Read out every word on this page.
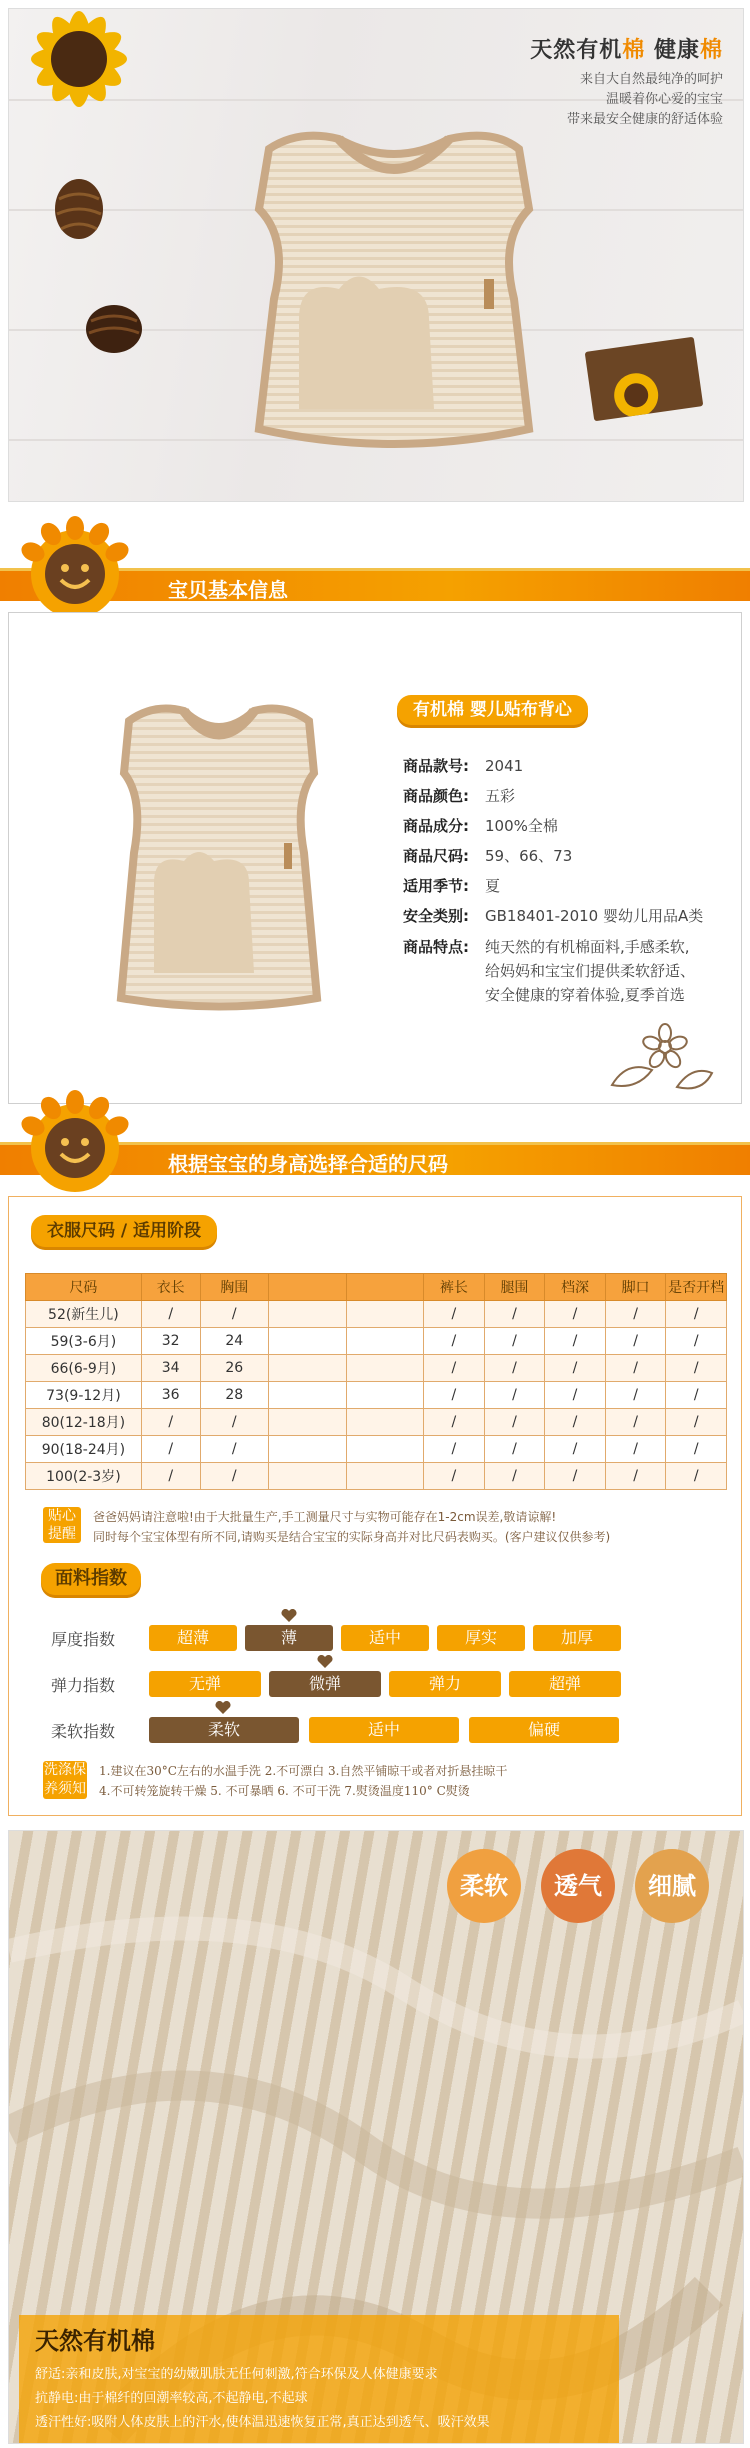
天然有机棉 健康棉
来自大自然最纯净的呵护
温暖着你心爱的宝宝
带来最安全健康的舒适体验
宝贝基本信息
有机棉 婴儿贴布背心
商品款号: 2041
商品颜色: 五彩
商品成分: 100%全棉
商品尺码: 59、66、73
适用季节: 夏
安全类别: GB18401-2010 婴幼儿用品A类
商品特点: 纯天然的有机棉面料,手感柔软,
给妈妈和宝宝们提供柔软舒适、
安全健康的穿着体验,夏季首选
根据宝宝的身高选择合适的尺码
衣服尺码 / 适用阶段
尺码	衣长	胸围			裤长	腿围	档深	脚口	是否开档
52(新生儿)	/	/			/	/	/	/	/
59(3-6月)	32	24			/	/	/	/	/
66(6-9月)	34	26			/	/	/	/	/
73(9-12月)	36	28			/	/	/	/	/
80(12-18月)	/	/			/	/	/	/	/
90(18-24月)	/	/			/	/	/	/	/
100(2-3岁)	/	/			/	/	/	/	/
贴心提醒
爸爸妈妈请注意啦!由于大批量生产,手工测量尺寸与实物可能存在1-2cm误差,敬请谅解!
同时每个宝宝体型有所不同,请购买是结合宝宝的实际身高并对比尺码表购买。(客户建议仅供参考)
面料指数
厚度指数	超薄	薄	适中	厚实	加厚
弹力指数	无弹	微弹	弹力	超弹
柔软指数	柔软	适中	偏硬
洗涤保养须知
1.建议在30°C左右的水温手洗 2.不可漂白 3.自然平铺晾干或者对折悬挂晾干
4.不可转笼旋转干燥 5. 不可暴晒 6. 不可干洗 7.熨烫温度110° C熨烫
柔软	透气	细腻
天然有机棉
舒适:亲和皮肤,对宝宝的幼嫩肌肤无任何刺激,符合环保及人体健康要求
抗静电:由于棉纤的回潮率较高,不起静电,不起球
透汗性好:吸附人体皮肤上的汗水,使体温迅速恢复正常,真正达到透气、吸汗效果
